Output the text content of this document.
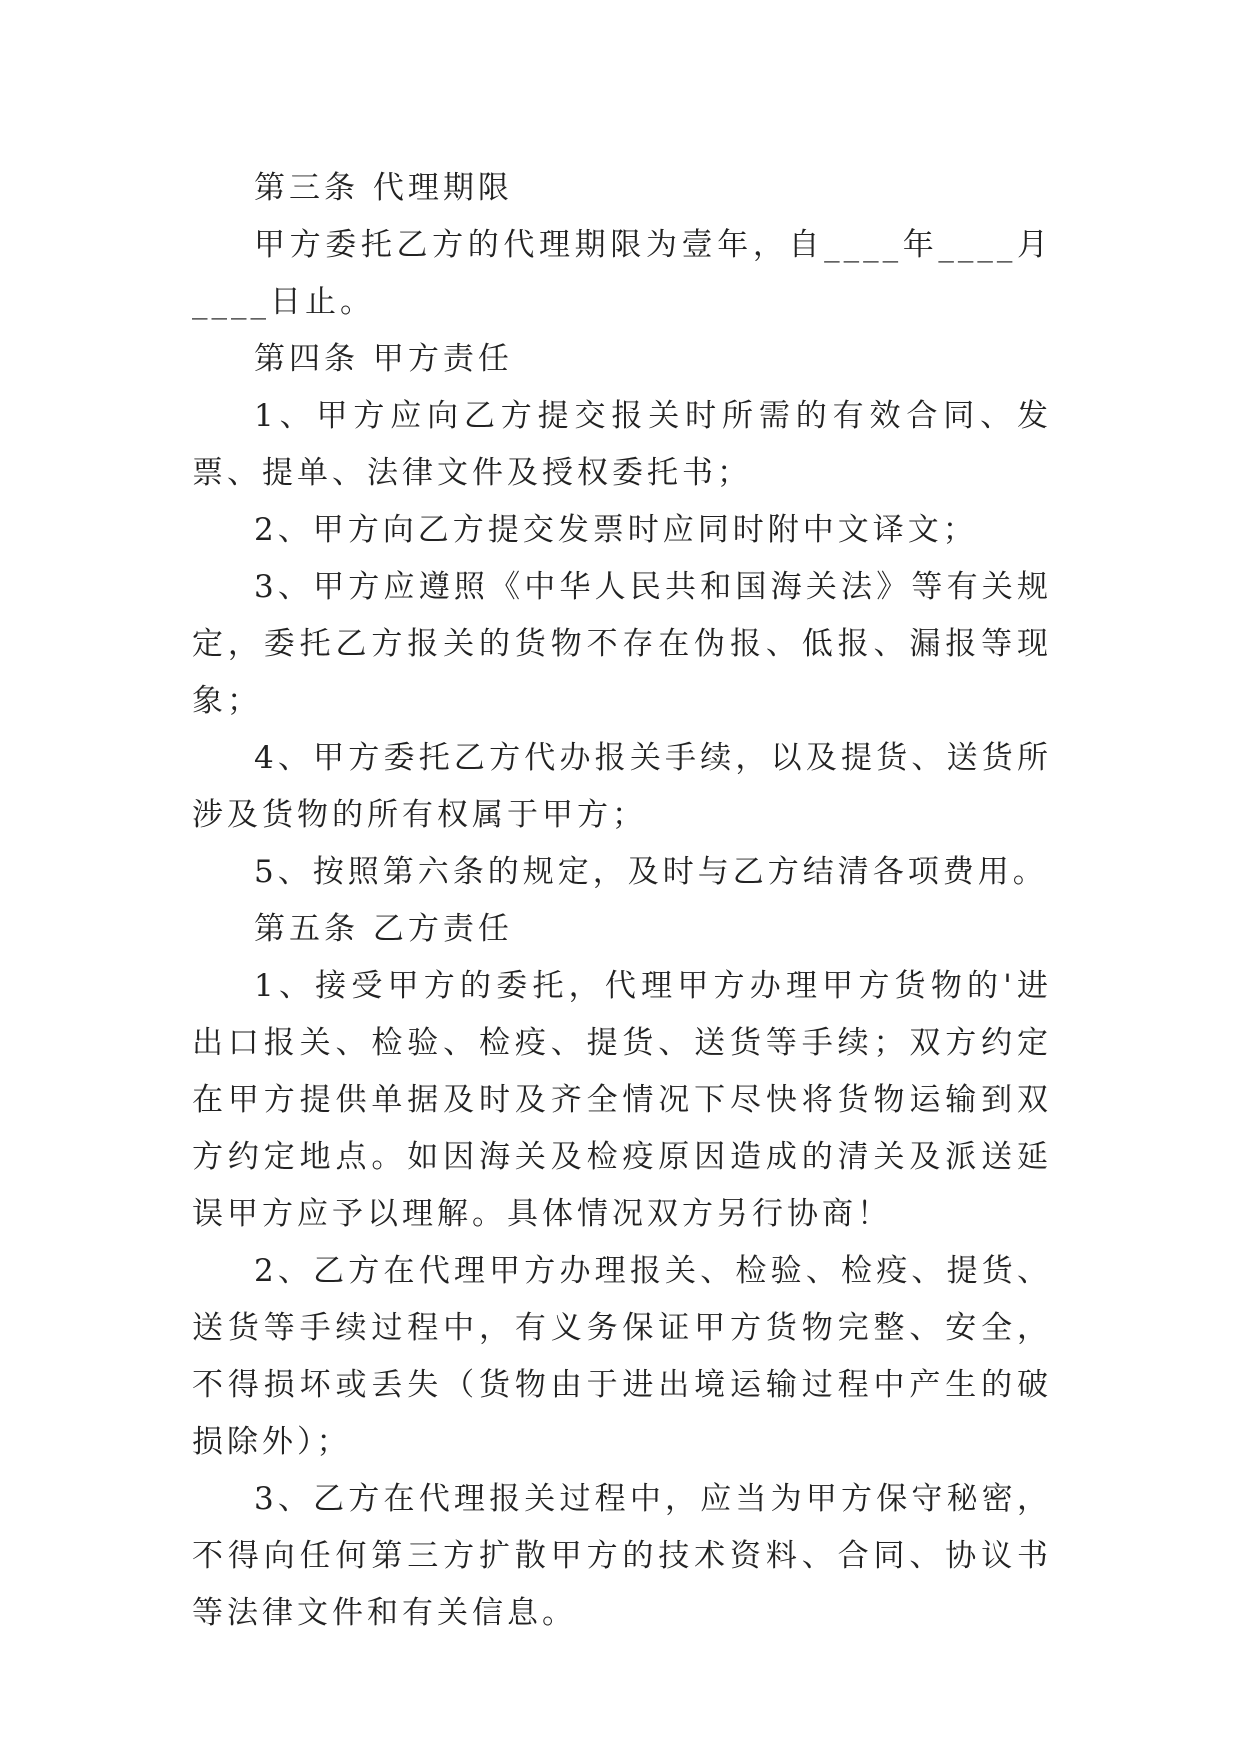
第三条 代理期限

甲方委托乙方的代理期限为壹年，自____年____月____日止。

第四条 甲方责任

1、甲方应向乙方提交报关时所需的有效合同、发票、提单、法律文件及授权委托书；

2、甲方向乙方提交发票时应同时附中文译文；

3、甲方应遵照《中华人民共和国海关法》等有关规定，委托乙方报关的货物不存在伪报、低报、漏报等现象；

4、甲方委托乙方代办报关手续，以及提货、送货所涉及货物的所有权属于甲方；

5、按照第六条的规定，及时与乙方结清各项费用。

第五条 乙方责任

1、接受甲方的委托，代理甲方办理甲方货物的'进出口报关、检验、检疫、提货、送货等手续；双方约定在甲方提供单据及时及齐全情况下尽快将货物运输到双方约定地点。如因海关及检疫原因造成的清关及派送延误甲方应予以理解。具体情况双方另行协商！

2、乙方在代理甲方办理报关、检验、检疫、提货、送货等手续过程中，有义务保证甲方货物完整、安全，不得损坏或丢失（货物由于进出境运输过程中产生的破损除外）；

3、乙方在代理报关过程中，应当为甲方保守秘密，不得向任何第三方扩散甲方的技术资料、合同、协议书等法律文件和有关信息。
